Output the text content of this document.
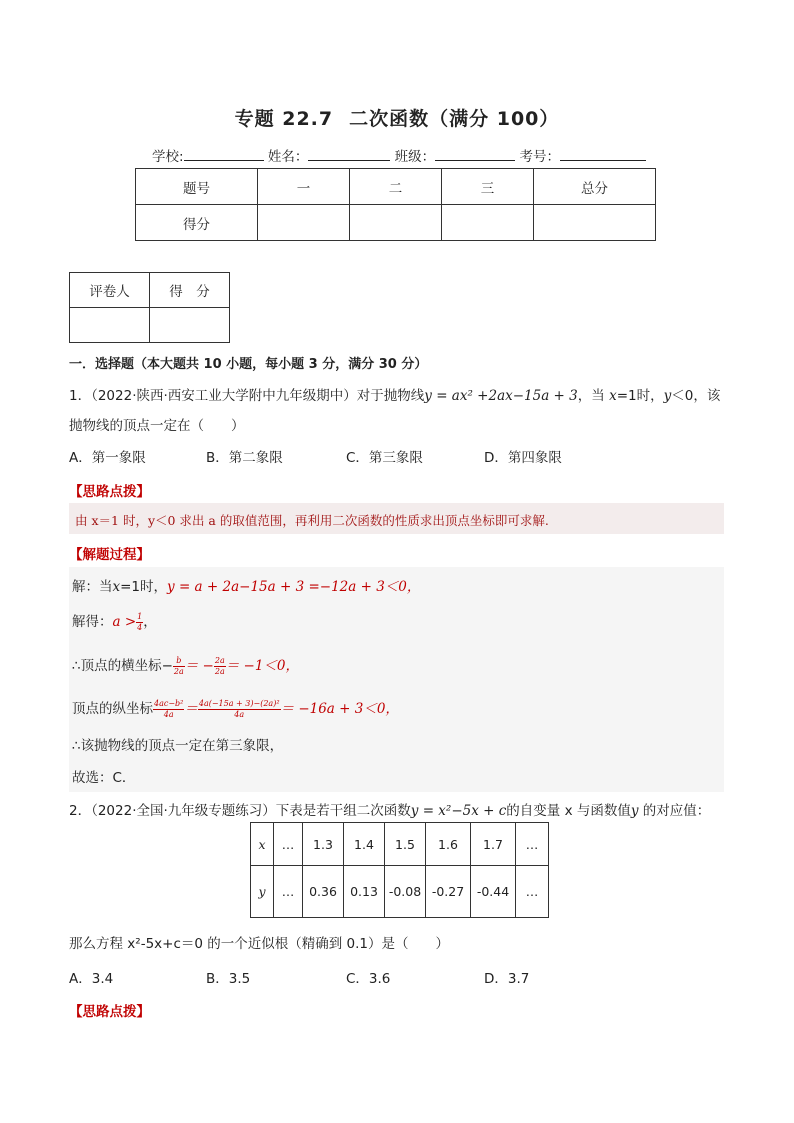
专题 22.7 二次函数（满分 100）
学校:	姓名：	班级：	考号：
题号	一	二	三	总分
得分				
评卷人	得　分

一．选择题（本大题共 10 小题，每小题 3 分，满分 30 分）
1．（2022·陕西·西安工业大学附中九年级期中）对于抛物线y = ax² +2ax−15a + 3，当 x=1时，y＜0，该
抛物线的顶点一定在（　　）
A．第一象限	B．第二象限	C．第三象限	D．第四象限
【思路点拨】
由 x＝1 时，y＜0 求出 a 的取值范围，再利用二次函数的性质求出顶点坐标即可求解.
【解题过程】
解：当x=1时，y = a + 2a−15a + 3 =−12a + 3＜0，
解得：$a > \frac{1}{4}$ ，
∴顶点的横坐标− $\frac{b}{2a}$ ＝ − $\frac{2a}{2a} = -1<0$，
顶点的纵坐标 $\frac{\text{4ac−b²}}{4a} = \frac{\text{4a(−15a + 3)−(2a)²}}{4a} = -16a + 3<0$，
∴该抛物线的顶点一定在第三象限，
故选：C．
2．（2022·全国·九年级专题练习）下表是若干组二次函数y = x²−5x + c的自变量 x 与函数值y 的对应值：
x	…	1.3	1.4	1.5	1.6	1.7	…
y	…	0.36	0.13	-0.08	-0.27	-0.44	…
那么方程 x²-5x+c＝0 的一个近似根（精确到 0.1）是（　　）
A．3.4	B．3.5	C．3.6	D．3.7
【思路点拨】
